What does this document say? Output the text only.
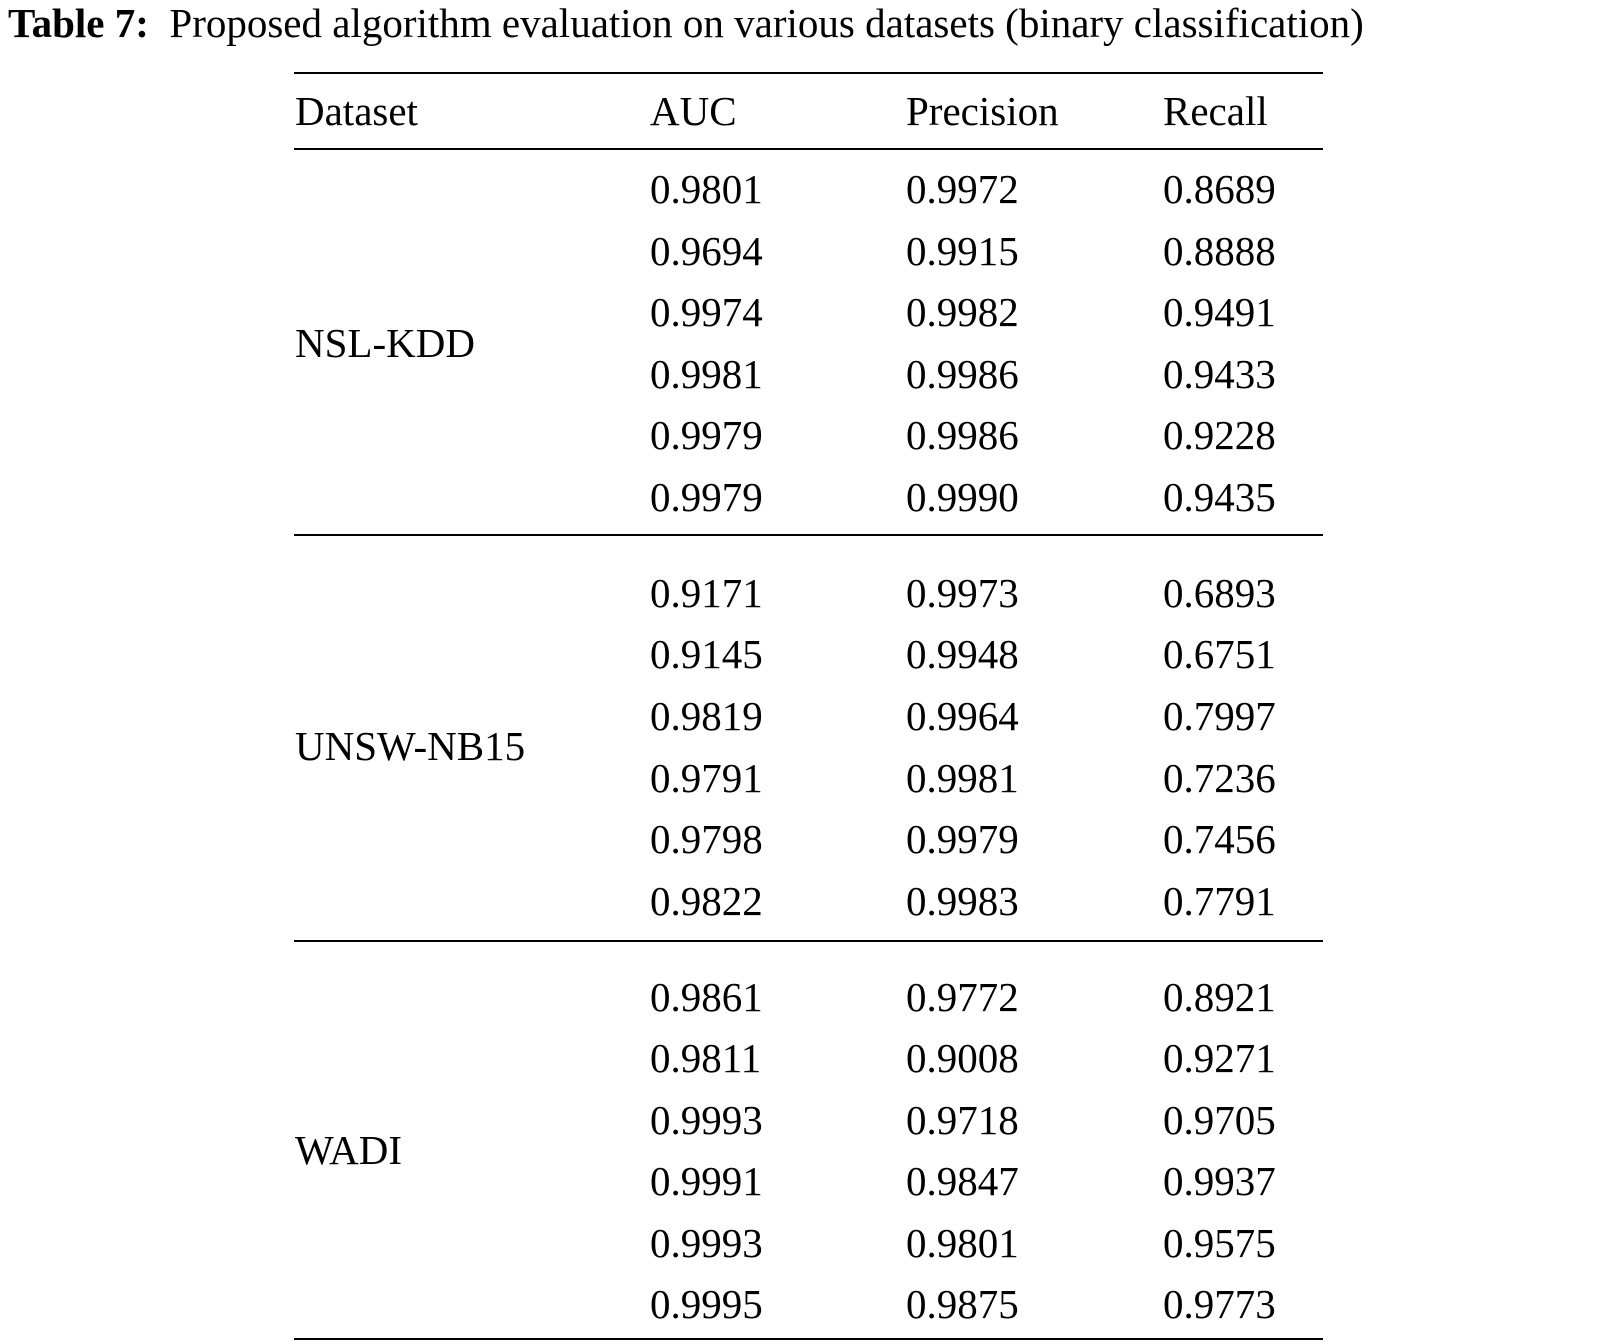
Table 7: Proposed algorithm evaluation on various datasets (binary classification)
Dataset	AUC	Precision	Recall
NSL-KDD
0.9801	0.9972	0.8689
0.9694	0.9915	0.8888
0.9974	0.9982	0.9491
0.9981	0.9986	0.9433
0.9979	0.9986	0.9228
0.9979	0.9990	0.9435
UNSW-NB15
0.9171	0.9973	0.6893
0.9145	0.9948	0.6751
0.9819	0.9964	0.7997
0.9791	0.9981	0.7236
0.9798	0.9979	0.7456
0.9822	0.9983	0.7791
WADI
0.9861	0.9772	0.8921
0.9811	0.9008	0.9271
0.9993	0.9718	0.9705
0.9991	0.9847	0.9937
0.9993	0.9801	0.9575
0.9995	0.9875	0.9773
